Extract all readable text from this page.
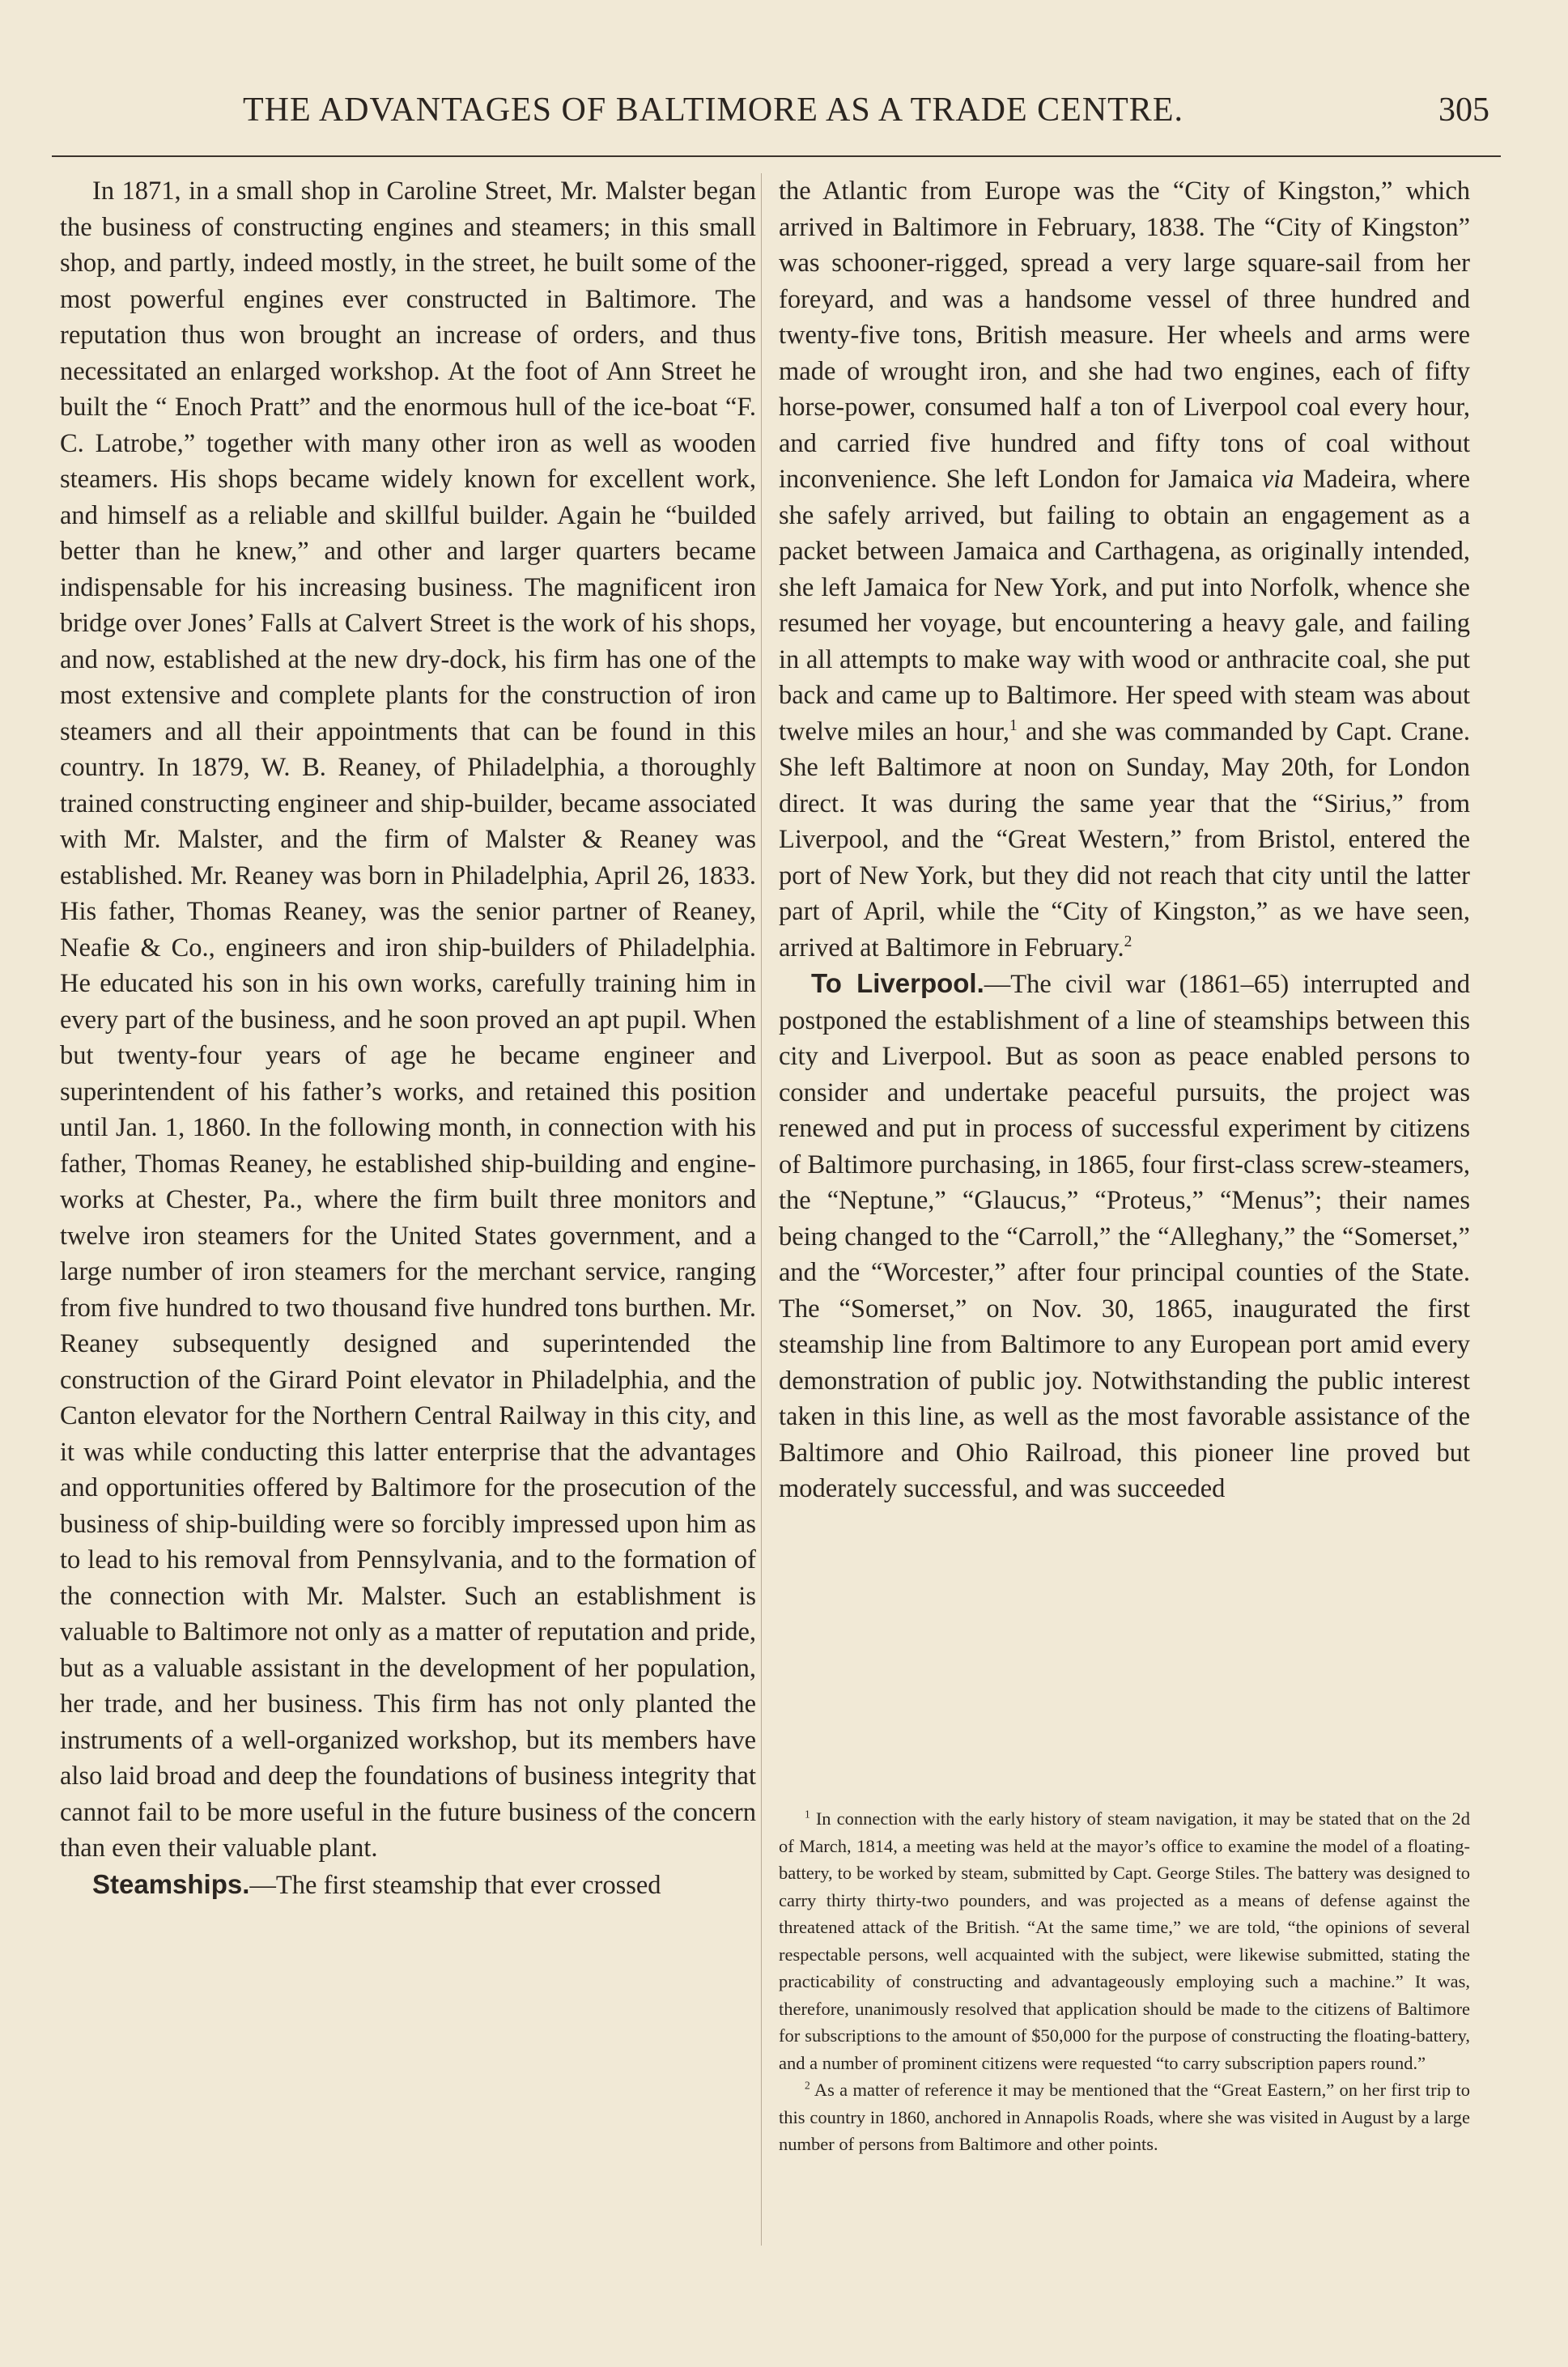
THE ADVANTAGES OF BALTIMORE AS A TRADE CENTRE.	305

In 1871, in a small shop in Caroline Street, Mr. Malster began the business of constructing engines and steamers; in this small shop, and partly, indeed mostly, in the street, he built some of the most powerful engines ever constructed in Baltimore. The reputation thus won brought an increase of orders, and thus necessitated an enlarged workshop. At the foot of Ann Street he built the “ Enoch Pratt” and the enormous hull of the ice-boat “F. C. Latrobe,” together with many other iron as well as wooden steamers. His shops became widely known for excellent work, and himself as a reliable and skillful builder. Again he “builded better than he knew,” and other and larger quarters became indispensable for his increasing business. The magnificent iron bridge over Jones’ Falls at Calvert Street is the work of his shops, and now, established at the new dry-dock, his firm has one of the most extensive and complete plants for the construction of iron steamers and all their appointments that can be found in this country. In 1879, W. B. Reaney, of Philadelphia, a thoroughly trained constructing engineer and ship-builder, became associated with Mr. Malster, and the firm of Malster & Reaney was established. Mr. Reaney was born in Philadelphia, April 26, 1833. His father, Thomas Reaney, was the senior partner of Reaney, Neafie & Co., engineers and iron ship-builders of Philadelphia. He educated his son in his own works, carefully training him in every part of the business, and he soon proved an apt pupil. When but twenty-four years of age he became engineer and superintendent of his father’s works, and retained this position until Jan. 1, 1860. In the following month, in connection with his father, Thomas Reaney, he established ship-building and engine-works at Chester, Pa., where the firm built three monitors and twelve iron steamers for the United States government, and a large number of iron steamers for the merchant service, ranging from five hundred to two thousand five hundred tons burthen. Mr. Reaney subsequently designed and superintended the construction of the Girard Point elevator in Philadelphia, and the Canton elevator for the Northern Central Railway in this city, and it was while conducting this latter enterprise that the advantages and opportunities offered by Baltimore for the prosecution of the business of ship-building were so forcibly impressed upon him as to lead to his removal from Pennsylvania, and to the formation of the connection with Mr. Malster. Such an establishment is valuable to Baltimore not only as a matter of reputation and pride, but as a valuable assistant in the development of her population, her trade, and her business. This firm has not only planted the instruments of a well-organized workshop, but its members have also laid broad and deep the foundations of business integrity that cannot fail to be more useful in the future business of the concern than even their valuable plant.

Steamships.—The first steamship that ever crossed

the Atlantic from Europe was the “City of Kingston,” which arrived in Baltimore in February, 1838. The “City of Kingston” was schooner-rigged, spread a very large square-sail from her foreyard, and was a handsome vessel of three hundred and twenty-five tons, British measure. Her wheels and arms were made of wrought iron, and she had two engines, each of fifty horse-power, consumed half a ton of Liverpool coal every hour, and carried five hundred and fifty tons of coal without inconvenience. She left London for Jamaica via Madeira, where she safely arrived, but failing to obtain an engagement as a packet between Jamaica and Carthagena, as originally intended, she left Jamaica for New York, and put into Norfolk, whence she resumed her voyage, but encountering a heavy gale, and failing in all attempts to make way with wood or anthracite coal, she put back and came up to Baltimore. Her speed with steam was about twelve miles an hour,$^1$ and she was commanded by Capt. Crane. She left Baltimore at noon on Sunday, May 20th, for London direct. It was during the same year that the “Sirius,” from Liverpool, and the “Great Western,” from Bristol, entered the port of New York, but they did not reach that city until the latter part of April, while the “City of Kingston,” as we have seen, arrived at Baltimore in February.$^2$

To Liverpool.—The civil war (1861–65) interrupted and postponed the establishment of a line of steamships between this city and Liverpool. But as soon as peace enabled persons to consider and undertake peaceful pursuits, the project was renewed and put in process of successful experiment by citizens of Baltimore purchasing, in 1865, four first-class screw-steamers, the “Neptune,” “Glaucus,” “Proteus,” “Menus”; their names being changed to the “Carroll,” the “Alleghany,” the “Somerset,” and the “Worcester,” after four principal counties of the State. The “Somerset,” on Nov. 30, 1865, inaugurated the first steamship line from Baltimore to any European port amid every demonstration of public joy. Notwithstanding the public interest taken in this line, as well as the most favorable assistance of the Baltimore and Ohio Railroad, this pioneer line proved but moderately successful, and was succeeded

$^1$ In connection with the early history of steam navigation, it may be stated that on the 2d of March, 1814, a meeting was held at the mayor’s office to examine the model of a floating-battery, to be worked by steam, submitted by Capt. George Stiles. The battery was designed to carry thirty thirty-two pounders, and was projected as a means of defense against the threatened attack of the British. “At the same time,” we are told, “the opinions of several respectable persons, well acquainted with the subject, were likewise submitted, stating the practicability of constructing and advantageously employing such a machine.” It was, therefore, unanimously resolved that application should be made to the citizens of Baltimore for subscriptions to the amount of $50,000 for the purpose of constructing the floating-battery, and a number of prominent citizens were requested “to carry subscription papers round.”

$^2$ As a matter of reference it may be mentioned that the “Great Eastern,” on her first trip to this country in 1860, anchored in Annapolis Roads, where she was visited in August by a large number of persons from Baltimore and other points.
